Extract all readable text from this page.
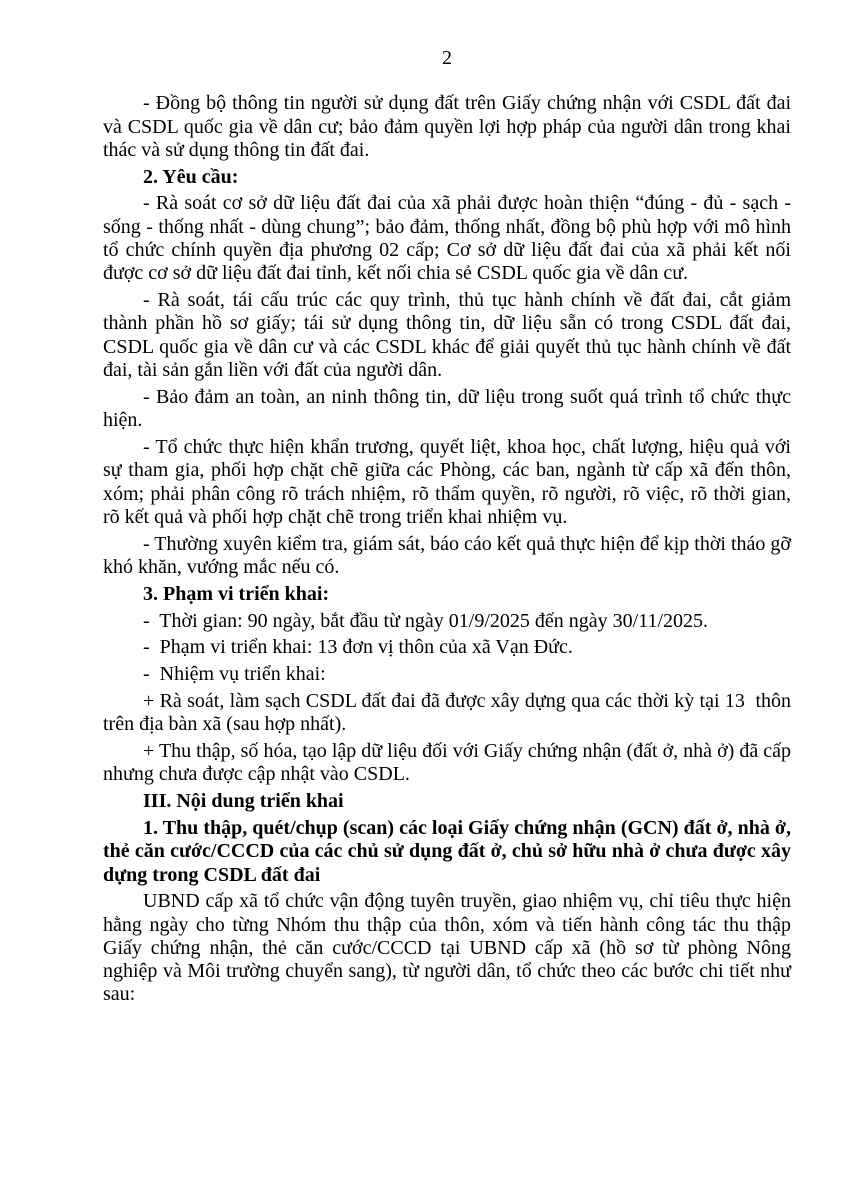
2

- Đồng bộ thông tin người sử dụng đất trên Giấy chứng nhận với CSDL đất đai và CSDL quốc gia về dân cư; bảo đảm quyền lợi hợp pháp của người dân trong khai thác và sử dụng thông tin đất đai.

2. Yêu cầu:

- Rà soát cơ sở dữ liệu đất đai của xã phải được hoàn thiện “đúng - đủ - sạch - sống - thống nhất - dùng chung”; bảo đảm, thống nhất, đồng bộ phù hợp với mô hình tổ chức chính quyền địa phương 02 cấp; Cơ sở dữ liệu đất đai của xã phải kết nối được cơ sở dữ liệu đất đai tỉnh, kết nối chia sẻ CSDL quốc gia về dân cư.

- Rà soát, tái cấu trúc các quy trình, thủ tục hành chính về đất đai, cắt giảm thành phần hồ sơ giấy; tái sử dụng thông tin, dữ liệu sẵn có trong CSDL đất đai, CSDL quốc gia về dân cư và các CSDL khác để giải quyết thủ tục hành chính về đất đai, tài sản gắn liền với đất của người dân.

- Bảo đảm an toàn, an ninh thông tin, dữ liệu trong suốt quá trình tổ chức thực hiện.

- Tổ chức thực hiện khẩn trương, quyết liệt, khoa học, chất lượng, hiệu quả với sự tham gia, phối hợp chặt chẽ giữa các Phòng, các ban, ngành từ cấp xã đến thôn, xóm; phải phân công rõ trách nhiệm, rõ thẩm quyền, rõ người, rõ việc, rõ thời gian, rõ kết quả và phối hợp chặt chẽ trong triển khai nhiệm vụ.

- Thường xuyên kiểm tra, giám sát, báo cáo kết quả thực hiện để kịp thời tháo gỡ khó khăn, vướng mắc nếu có.

3. Phạm vi triển khai:

-  Thời gian: 90 ngày, bắt đầu từ ngày 01/9/2025 đến ngày 30/11/2025.

-  Phạm vi triển khai: 13 đơn vị thôn của xã Vạn Đức.

-  Nhiệm vụ triển khai:

+ Rà soát, làm sạch CSDL đất đai đã được xây dựng qua các thời kỳ tại 13  thôn trên địa bàn xã (sau hợp nhất).

+ Thu thập, số hóa, tạo lập dữ liệu đối với Giấy chứng nhận (đất ở, nhà ở) đã cấp nhưng chưa được cập nhật vào CSDL.

III. Nội dung triển khai

1. Thu thập, quét/chụp (scan) các loại Giấy chứng nhận (GCN) đất ở, nhà ở, thẻ căn cước/CCCD của các chủ sử dụng đất ở, chủ sở hữu nhà ở chưa được xây dựng trong CSDL đất đai

UBND cấp xã tổ chức vận động tuyên truyền, giao nhiệm vụ, chỉ tiêu thực hiện hằng ngày cho từng Nhóm thu thập của thôn, xóm và tiến hành công tác thu thập Giấy chứng nhận, thẻ căn cước/CCCD tại UBND cấp xã (hồ sơ từ phòng Nông nghiệp và Môi trường chuyển sang), từ người dân, tổ chức theo các bước chi tiết như sau:
